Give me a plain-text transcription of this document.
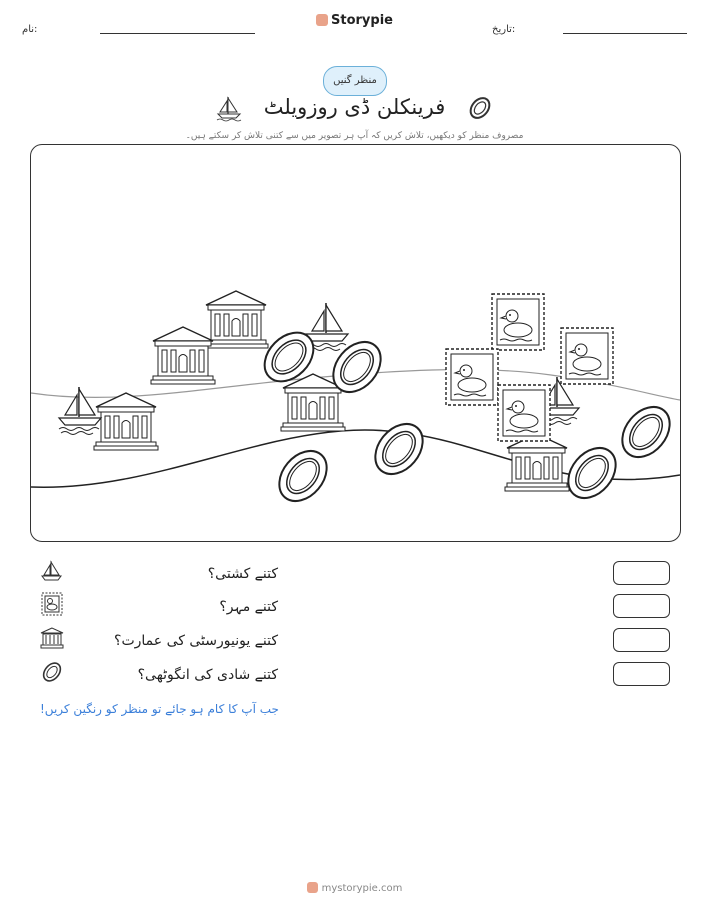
نام:
Storypie
تاریخ:
منظر گنیں
فرینکلن ڈی روزویلٹ
مصروف منظر کو دیکھیں، تلاش کریں کہ آپ ہر تصویر میں سے کتنی تلاش کر سکتے ہیں۔
کتنے کشتی؟
کتنے مہر؟
کتنے یونیورسٹی کی عمارت؟
کتنے شادی کی انگوٹھی؟
جب آپ کا کام ہو جائے تو منظر کو رنگین کریں!
mystorypie.com
